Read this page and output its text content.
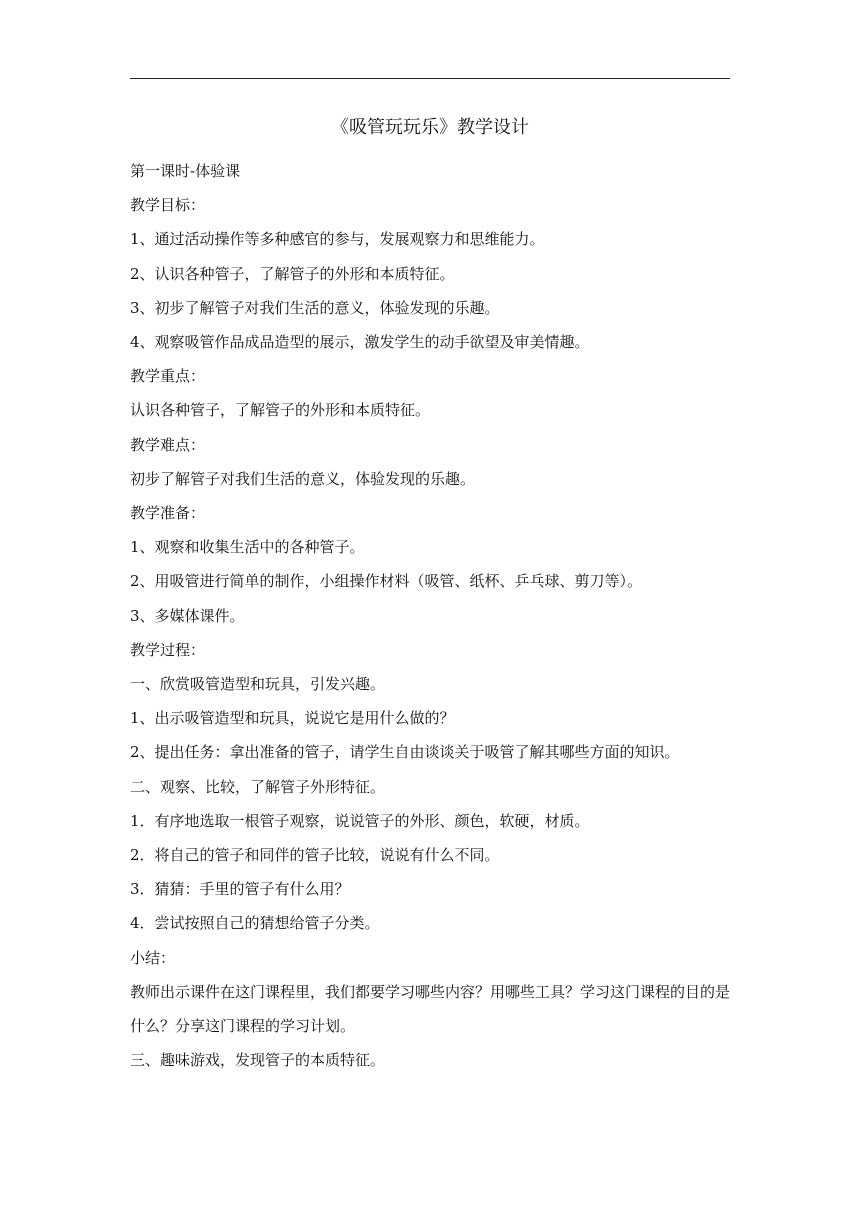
《吸管玩玩乐》教学设计

第一课时-体验课

教学目标：

1、通过活动操作等多种感官的参与，发展观察力和思维能力。

2、认识各种管子，了解管子的外形和本质特征。

3、初步了解管子对我们生活的意义，体验发现的乐趣。

4、观察吸管作品成品造型的展示，激发学生的动手欲望及审美情趣。

教学重点：

认识各种管子，了解管子的外形和本质特征。

教学难点：

初步了解管子对我们生活的意义，体验发现的乐趣。

教学准备：

1、观察和收集生活中的各种管子。

2、用吸管进行简单的制作，小组操作材料（吸管、纸杯、乒乓球、剪刀等）。

3、多媒体课件。

教学过程：

一、欣赏吸管造型和玩具，引发兴趣。

1、出示吸管造型和玩具，说说它是用什么做的？

2、提出任务：拿出准备的管子，请学生自由谈谈关于吸管了解其哪些方面的知识。

二、观察、比较，了解管子外形特征。

1．有序地选取一根管子观察，说说管子的外形、颜色，软硬，材质。

2．将自己的管子和同伴的管子比较，说说有什么不同。

3．猜猜：手里的管子有什么用？

4．尝试按照自己的猜想给管子分类。

小结：

教师出示课件在这门课程里，我们都要学习哪些内容？用哪些工具？学习这门课程的目的是什么？分享这门课程的学习计划。

三、趣味游戏，发现管子的本质特征。
